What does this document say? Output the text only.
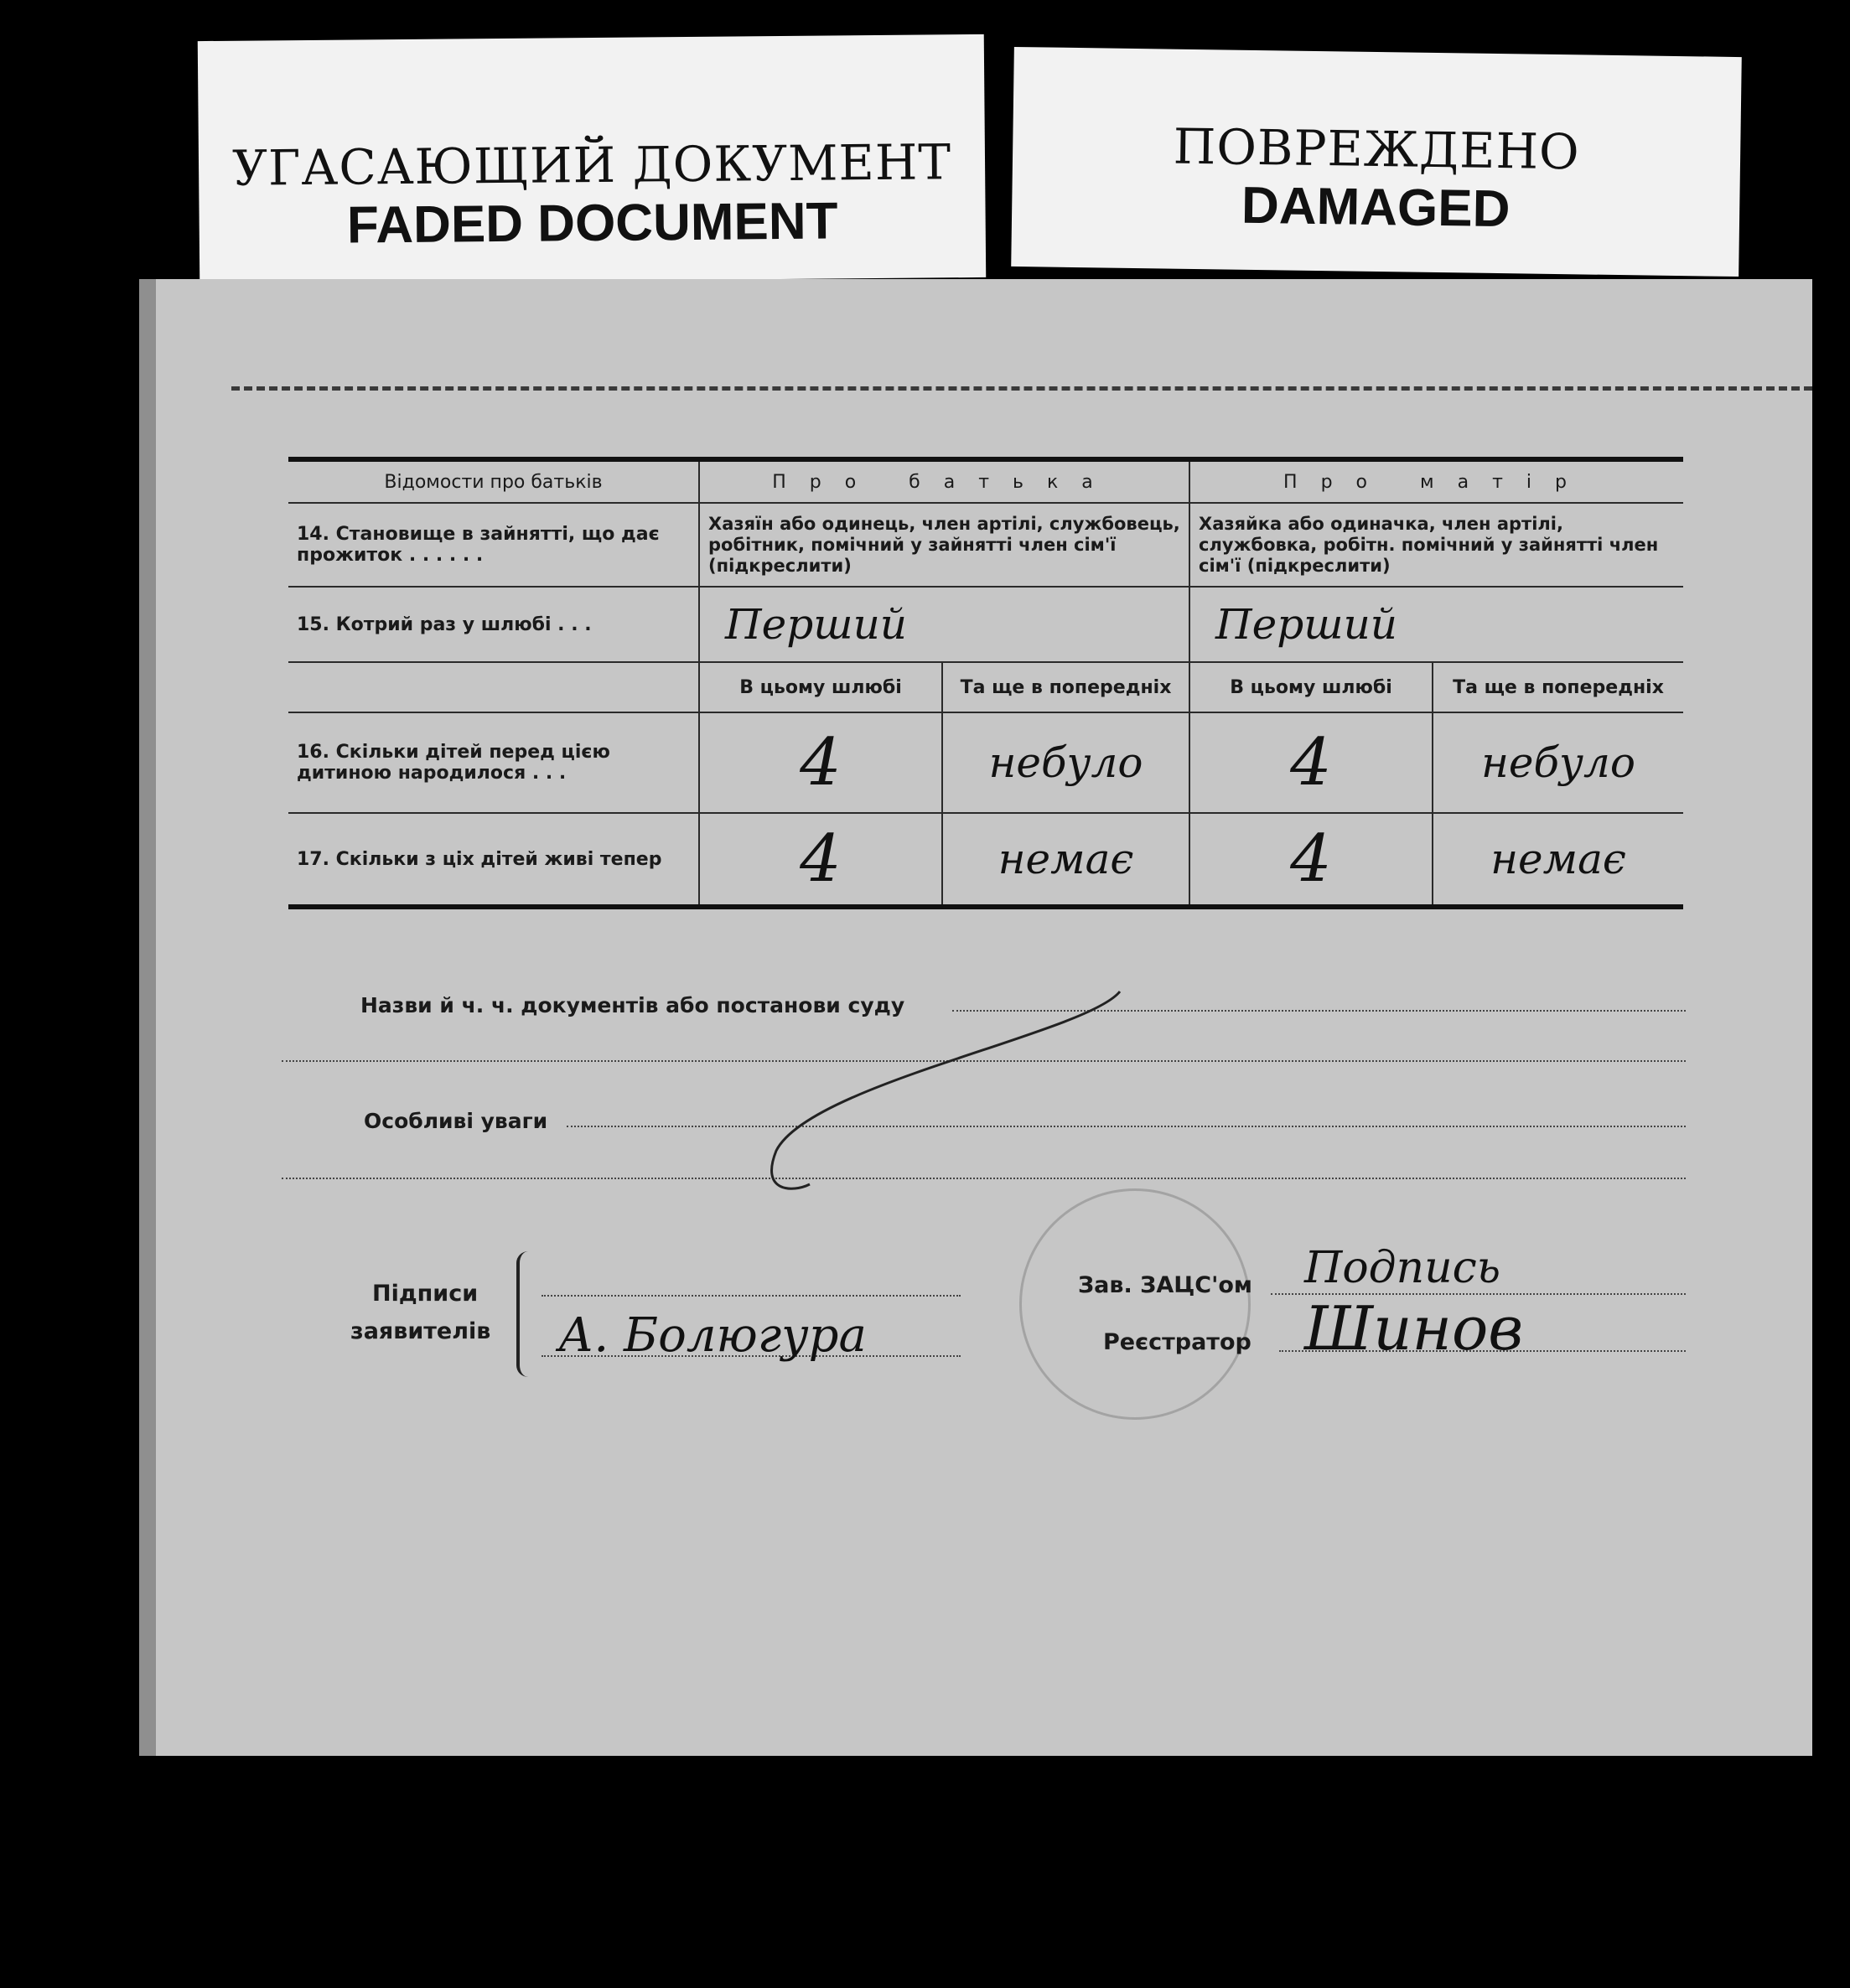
УГАСАЮЩИЙ ДОКУМЕНТ
FADED DOCUMENT
ПОВРЕЖДЕНО
DAMAGED
Відомости про батьків	Про батька		Про матір	
14. Становище в зайнятті, що дає прожиток . . . . . .	Хазяїн або одинець, член артілі, службовець, робітник, помічний у зайнятті член сім'ї (підкреслити)		Хазяйка або одиначка, член артілі, службовка, робітн. помічний у зайнятті член сім'ї (підкреслити)	
15. Котрий раз у шлюбі . . .	Перший		Перший	
	В цьому шлюбі	Та ще в попередніх	В цьому шлюбі	Та ще в попередніх
16. Скільки дітей перед цією дитиною народилося . . .	4	небуло	4	небуло
17. Скільки з ціх дітей живі тепер	4	немає	4	немає
Назви й ч. ч. документів або постанови суду
Особливі уваги
Підписи
заявителів А. Болюгура
Зав. ЗАЦС'ом Подпись
Реєстратор Шинов
